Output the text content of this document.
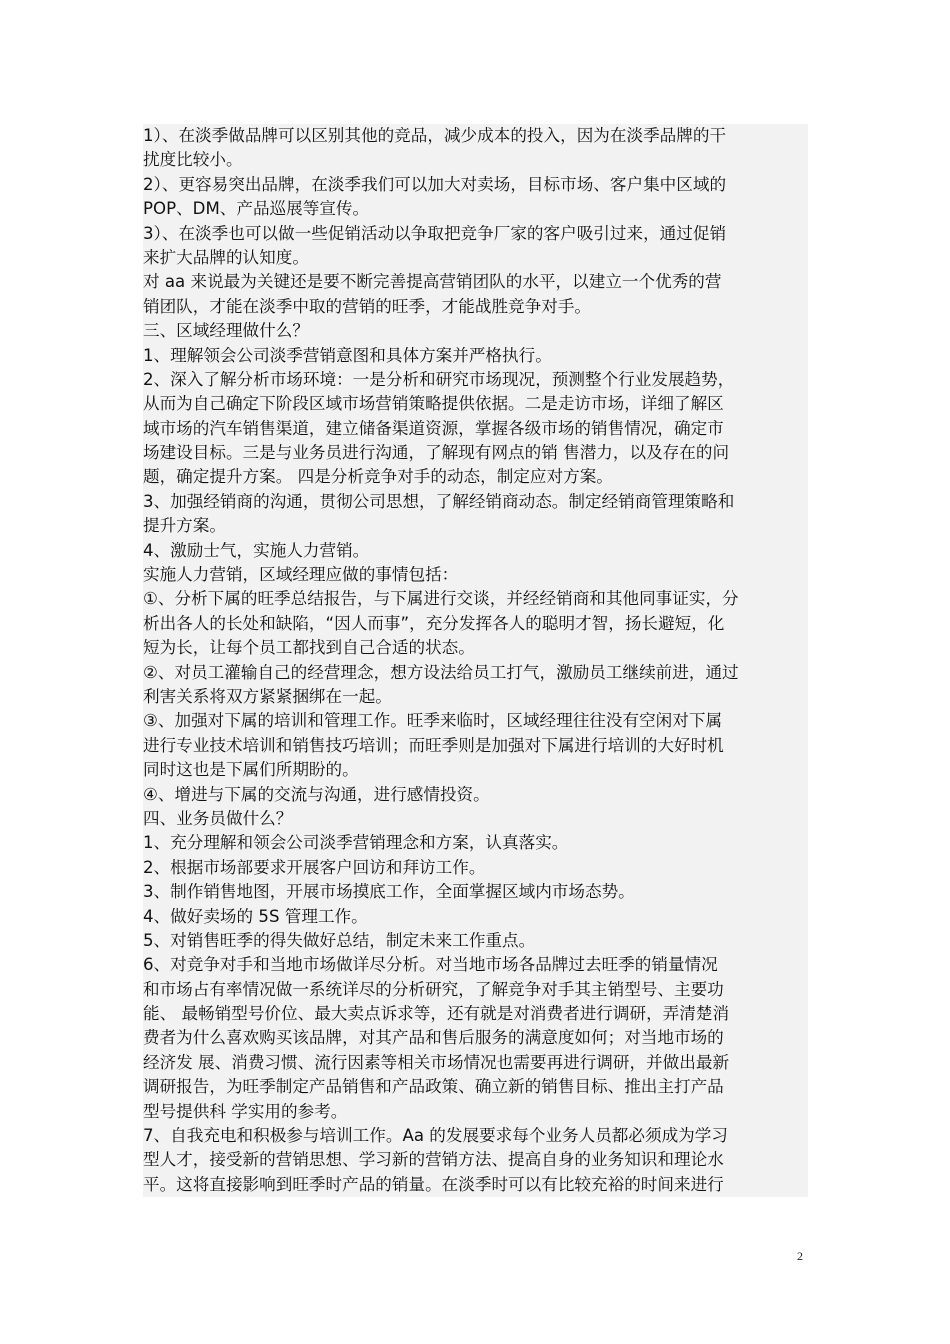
1）、在淡季做品牌可以区别其他的竞品，减少成本的投入，因为在淡季品牌的干
扰度比较小。
2）、更容易突出品牌，在淡季我们可以加大对卖场，目标市场、客户集中区域的
POP、DM、产品巡展等宣传。
3）、在淡季也可以做一些促销活动以争取把竞争厂家的客户吸引过来，通过促销
来扩大品牌的认知度。
对 aa 来说最为关键还是要不断完善提高营销团队的水平，以建立一个优秀的营
销团队，才能在淡季中取的营销的旺季，才能战胜竞争对手。
三、区域经理做什么？
1、理解领会公司淡季营销意图和具体方案并严格执行。
2、深入了解分析市场环境：一是分析和研究市场现况，预测整个行业发展趋势，
从而为自己确定下阶段区域市场营销策略提供依据。二是走访市场，详细了解区
域市场的汽车销售渠道，建立储备渠道资源，掌握各级市场的销售情况，确定市
场建设目标。三是与业务员进行沟通，了解现有网点的销 售潜力，以及存在的问
题，确定提升方案。 四是分析竞争对手的动态，制定应对方案。
3、加强经销商的沟通，贯彻公司思想，了解经销商动态。制定经销商管理策略和
提升方案。
4、激励士气，实施人力营销。
实施人力营销，区域经理应做的事情包括：
①、分析下属的旺季总结报告，与下属进行交谈，并经经销商和其他同事证实，分
析出各人的长处和缺陷，“因人而事”，充分发挥各人的聪明才智，扬长避短，化
短为长，让每个员工都找到自己合适的状态。
②、对员工灌输自己的经营理念，想方设法给员工打气，激励员工继续前进，通过
利害关系将双方紧紧捆绑在一起。
③、加强对下属的培训和管理工作。旺季来临时，区域经理往往没有空闲对下属
进行专业技术培训和销售技巧培训；而旺季则是加强对下属进行培训的大好时机
同时这也是下属们所期盼的。
④、增进与下属的交流与沟通，进行感情投资。
四、业务员做什么？
1、充分理解和领会公司淡季营销理念和方案，认真落实。
2、根据市场部要求开展客户回访和拜访工作。
3、制作销售地图，开展市场摸底工作，全面掌握区域内市场态势。
4、做好卖场的 5S 管理工作。
5、对销售旺季的得失做好总结，制定未来工作重点。
6、对竞争对手和当地市场做详尽分析。对当地市场各品牌过去旺季的销量情况
和市场占有率情况做一系统详尽的分析研究，了解竞争对手其主销型号、主要功
能、 最畅销型号价位、最大卖点诉求等，还有就是对消费者进行调研，弄清楚消
费者为什么喜欢购买该品牌，对其产品和售后服务的满意度如何；对当地市场的
经济发 展、消费习惯、流行因素等相关市场情况也需要再进行调研，并做出最新
调研报告，为旺季制定产品销售和产品政策、确立新的销售目标、推出主打产品
型号提供科 学实用的参考。
7、自我充电和积极参与培训工作。Aa 的发展要求每个业务人员都必须成为学习
型人才，接受新的营销思想、学习新的营销方法、提高自身的业务知识和理论水
平。这将直接影响到旺季时产品的销量。在淡季时可以有比较充裕的时间来进行
2
